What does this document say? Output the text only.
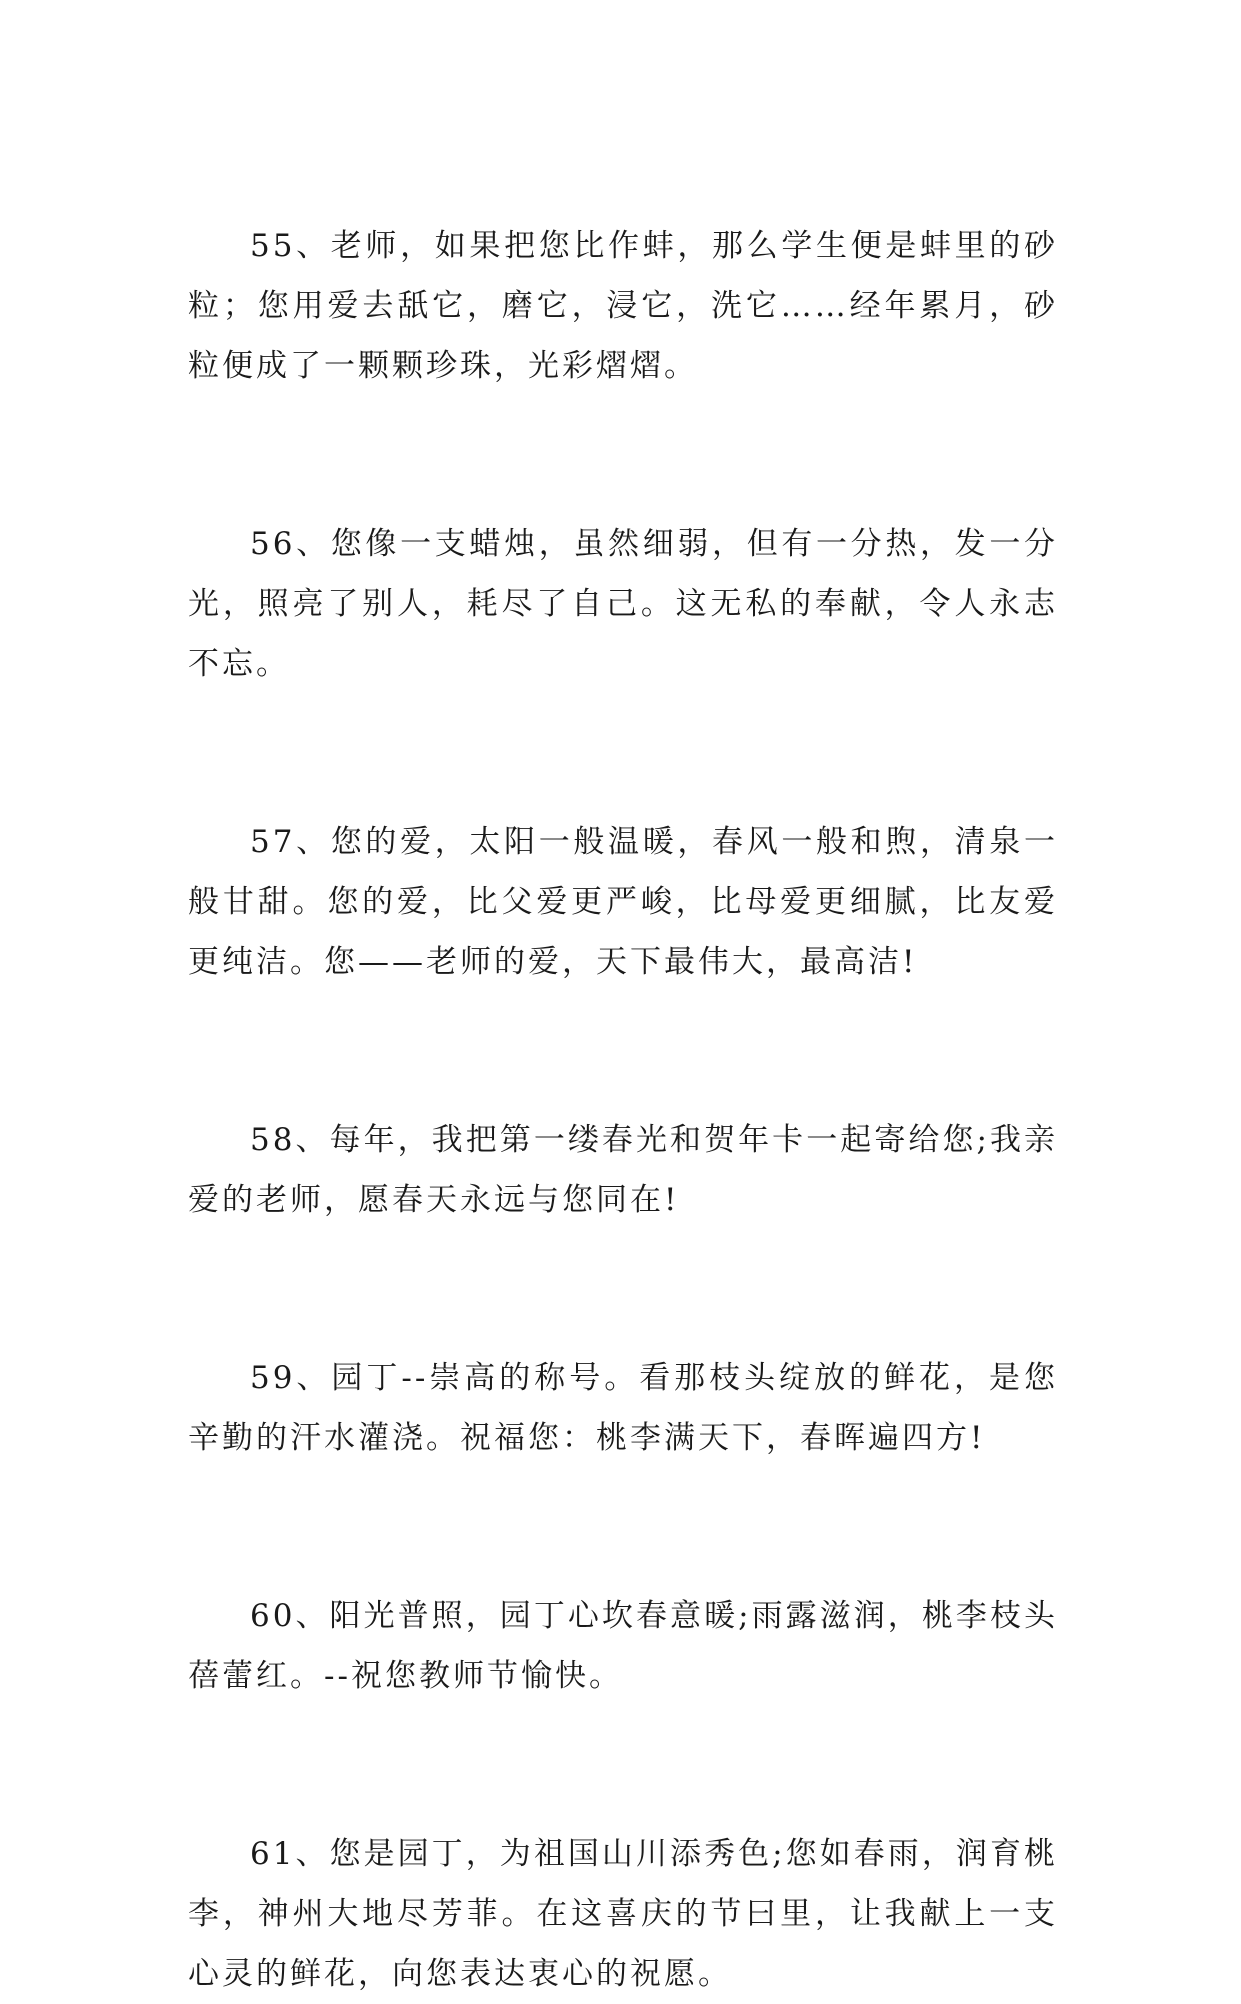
55、老师，如果把您比作蚌，那么学生便是蚌里的砂粒；您用爱去舐它，磨它，浸它，洗它……经年累月，砂粒便成了一颗颗珍珠，光彩熠熠。

56、您像一支蜡烛，虽然细弱，但有一分热，发一分光，照亮了别人，耗尽了自己。这无私的奉献，令人永志不忘。

57、您的爱，太阳一般温暖，春风一般和煦，清泉一般甘甜。您的爱，比父爱更严峻，比母爱更细腻，比友爱更纯洁。您——老师的爱，天下最伟大，最高洁!

58、每年，我把第一缕春光和贺年卡一起寄给您;我亲爱的老师，愿春天永远与您同在!

59、园丁--崇高的称号。看那枝头绽放的鲜花，是您辛勤的汗水灌浇。祝福您：桃李满天下，春晖遍四方!

60、阳光普照，园丁心坎春意暖;雨露滋润，桃李枝头蓓蕾红。--祝您教师节愉快。

61、您是园丁，为祖国山川添秀色;您如春雨，润育桃李，神州大地尽芳菲。在这喜庆的节曰里，让我献上一支心灵的鲜花，向您表达衷心的祝愿。
